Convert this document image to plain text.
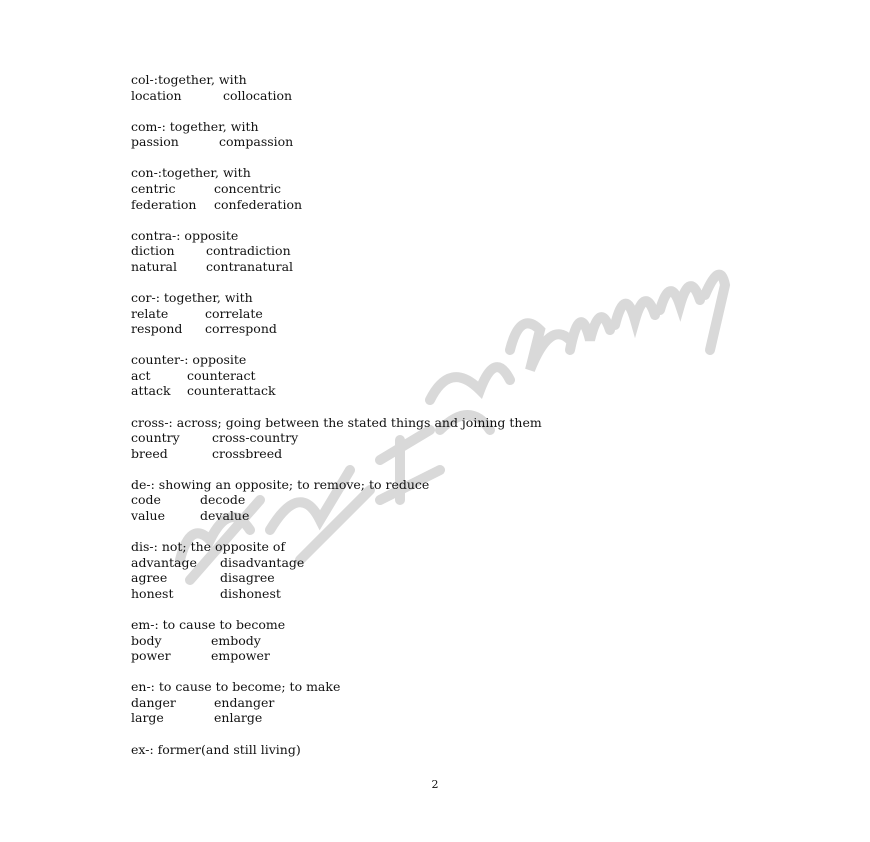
col-:together, with
location	collocation
com-: together, with
passion	compassion
con-:together, with
centric	concentric
federation confederation
contra-: opposite
diction	contradiction
natural contranatural
cor-: together, with
relate	correlate
respond correspond
counter-: opposite
act	counteract
attack counterattack
cross-: across; going between the stated things and joining them
country	cross-country
breed	crossbreed
de-: showing an opposite; to remove; to reduce
code	decode
value	devalue
dis-: not; the opposite of
advantage disadvantage
agree	disagree
honest	dishonest
em-: to cause to become
body	embody
power	empower
en-: to cause to become; to make
danger	endanger
large	enlarge
ex-: former(and still living)
2
